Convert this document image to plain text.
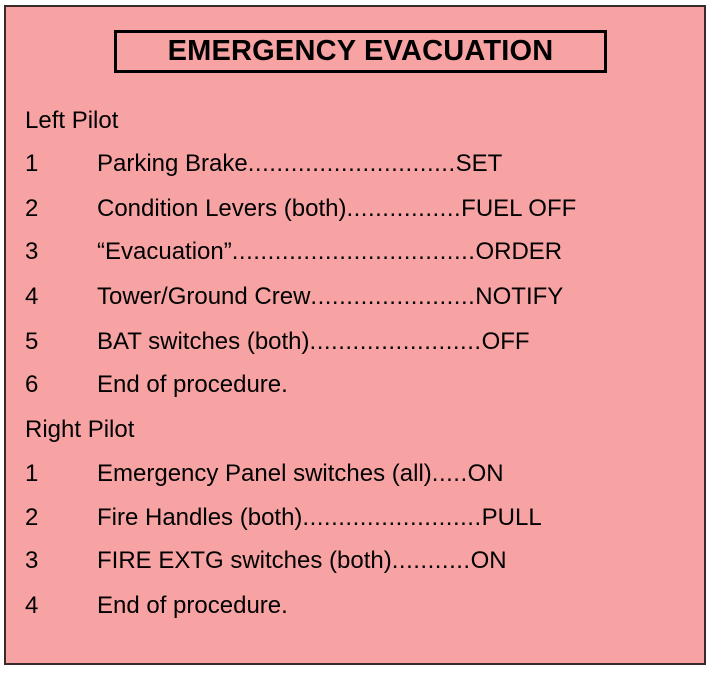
EMERGENCY EVACUATION
Left Pilot
1	Parking Brake ............................. SET
2	Condition Levers (both) ................ FUEL OFF
3	“Evacuation” .................................. ORDER
4	Tower/Ground Crew ....................... NOTIFY
5	BAT switches (both) ........................ OFF
6	End of procedure.
Right Pilot
1	Emergency Panel switches (all) ..... ON
2	Fire Handles (both) ......................... PULL
3	FIRE EXTG switches (both) ........... ON
4	End of procedure.
